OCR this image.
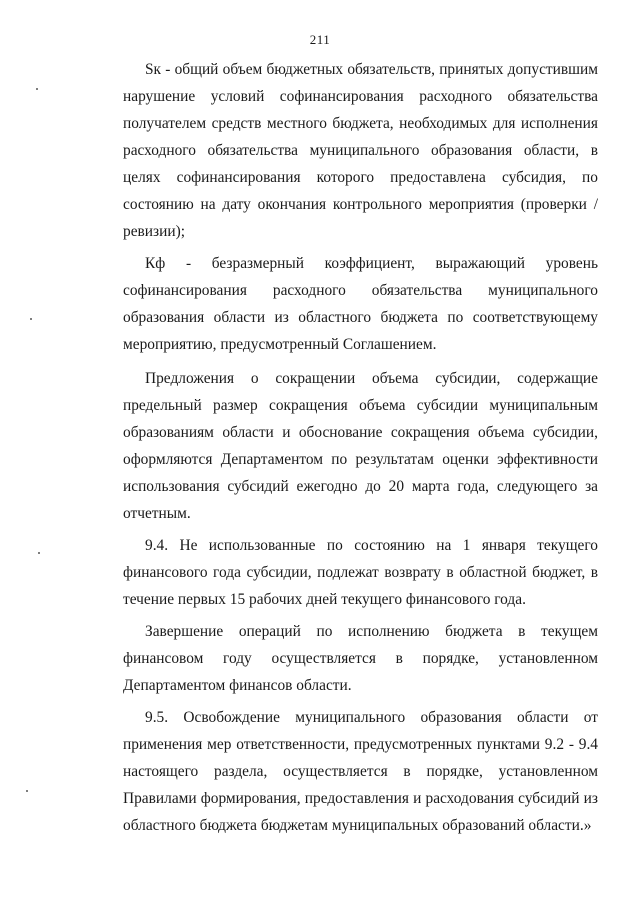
211

Sк - общий объем бюджетных обязательств, принятых допустившим нарушение условий софинансирования расходного обязательства получателем средств местного бюджета, необходимых для исполнения расходного обязательства муниципального образования области, в целях софинансирования которого предоставлена субсидия, по состоянию на дату окончания контрольного мероприятия (проверки /ревизии);

Кф - безразмерный коэффициент, выражающий уровень софинансирования расходного обязательства муниципального образования области из областного бюджета по соответствующему мероприятию, предусмотренный Соглашением.

Предложения о сокращении объема субсидии, содержащие предельный размер сокращения объема субсидии муниципальным образованиям области и обоснование сокращения объема субсидии, оформляются Департаментом по результатам оценки эффективности использования субсидий ежегодно до 20 марта года, следующего за отчетным.

9.4. Не использованные по состоянию на 1 января текущего финансового года субсидии, подлежат возврату в областной бюджет, в течение первых 15 рабочих дней текущего финансового года.

Завершение операций по исполнению бюджета в текущем финансовом году осуществляется в порядке, установленном Департаментом финансов области.

9.5. Освобождение муниципального образования области от применения мер ответственности, предусмотренных пунктами 9.2 - 9.4 настоящего раздела, осуществляется в порядке, установленном Правилами формирования, предоставления и расходования субсидий из областного бюджета бюджетам муниципальных образований области.»
